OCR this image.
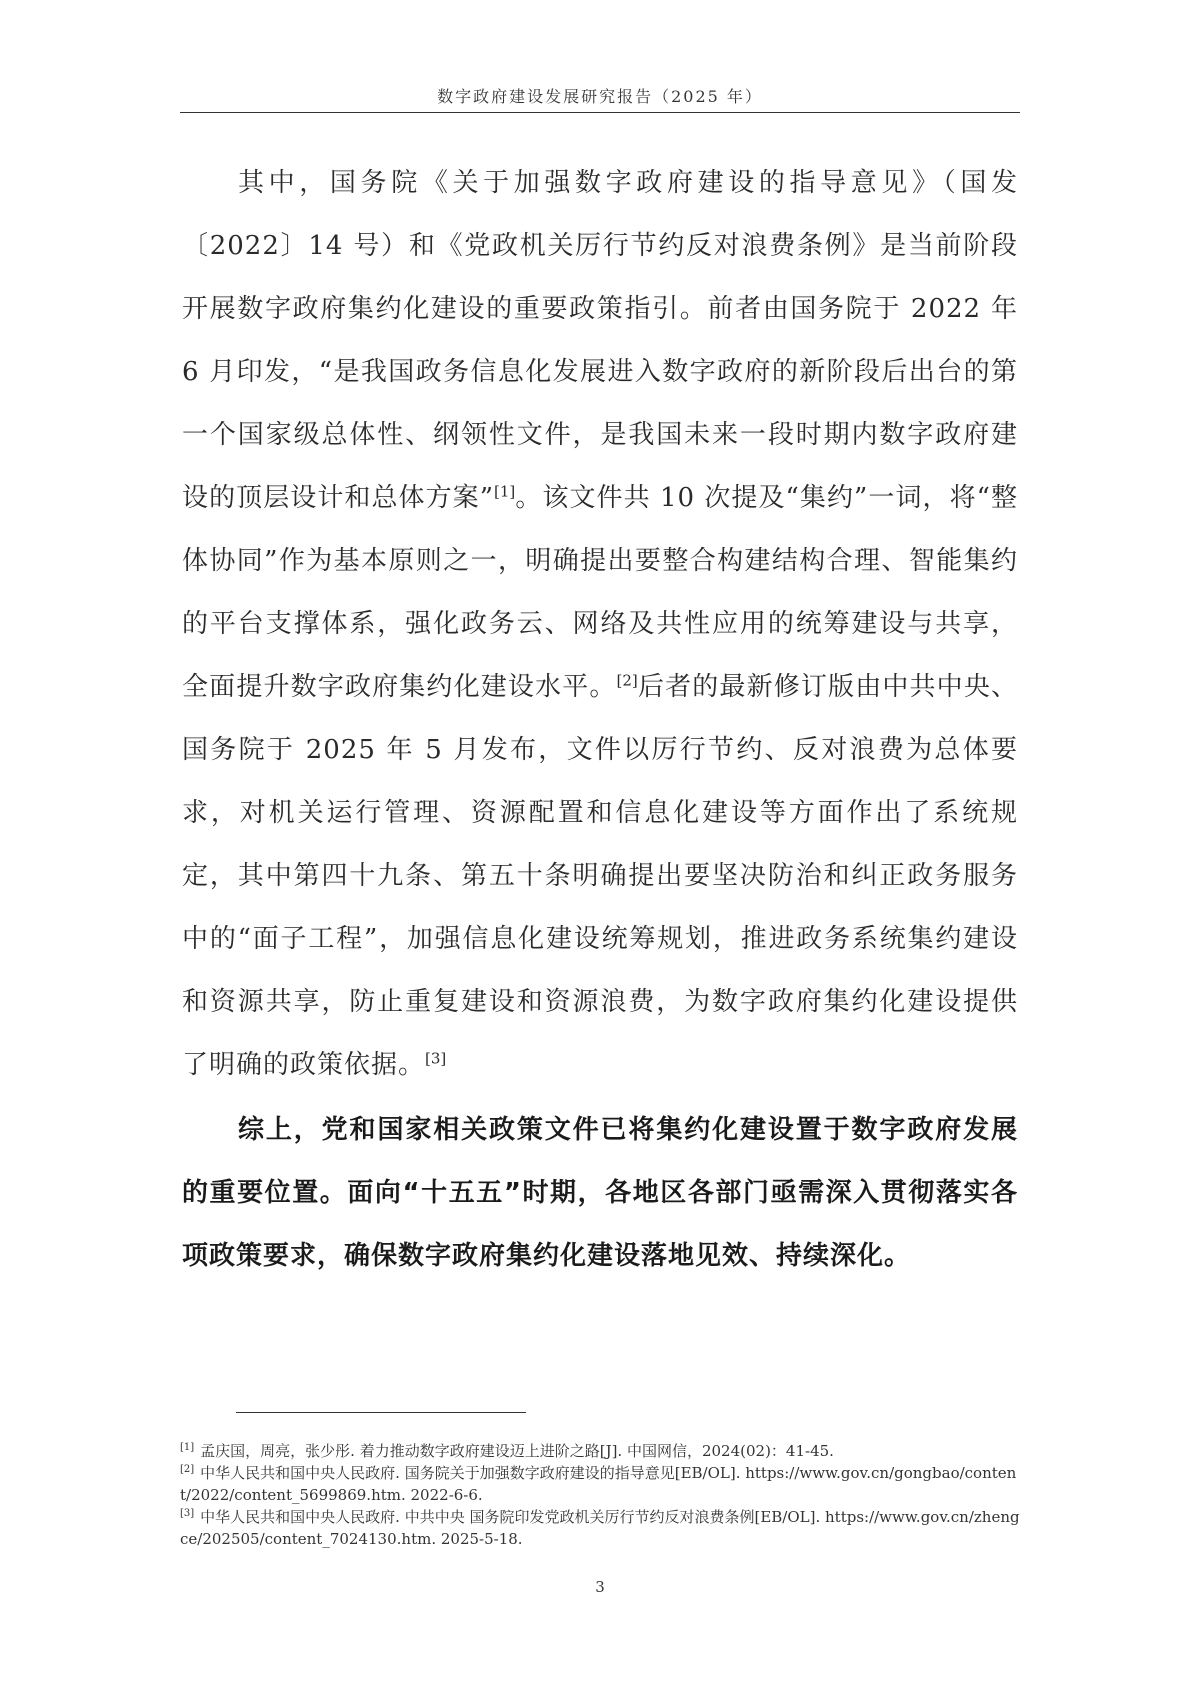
数字政府建设发展研究报告（2025 年）

其中，国务院《关于加强数字政府建设的指导意见》（国发〔2022〕14 号）和《党政机关厉行节约反对浪费条例》是当前阶段开展数字政府集约化建设的重要政策指引。前者由国务院于 2022 年 6 月印发，“是我国政务信息化发展进入数字政府的新阶段后出台的第一个国家级总体性、纲领性文件，是我国未来一段时期内数字政府建设的顶层设计和总体方案”[1]。该文件共 10 次提及“集约”一词，将“整体协同”作为基本原则之一，明确提出要整合构建结构合理、智能集约的平台支撑体系，强化政务云、网络及共性应用的统筹建设与共享，全面提升数字政府集约化建设水平。[2]后者的最新修订版由中共中央、国务院于 2025 年 5 月发布，文件以厉行节约、反对浪费为总体要求，对机关运行管理、资源配置和信息化建设等方面作出了系统规定，其中第四十九条、第五十条明确提出要坚决防治和纠正政务服务中的“面子工程”，加强信息化建设统筹规划，推进政务系统集约建设和资源共享，防止重复建设和资源浪费，为数字政府集约化建设提供了明确的政策依据。[3]

综上，党和国家相关政策文件已将集约化建设置于数字政府发展的重要位置。面向“十五五”时期，各地区各部门亟需深入贯彻落实各项政策要求，确保数字政府集约化建设落地见效、持续深化。

[1] 孟庆国，周亮，张少彤. 着力推动数字政府建设迈上进阶之路[J]. 中国网信，2024(02)：41-45.

[2] 中华人民共和国中央人民政府. 国务院关于加强数字政府建设的指导意见[EB/OL]. https://www.gov.cn/gongbao/content/2022/content_5699869.htm. 2022-6-6.

[3] 中华人民共和国中央人民政府. 中共中央 国务院印发党政机关厉行节约反对浪费条例[EB/OL]. https://www.gov.cn/zhengce/202505/content_7024130.htm. 2025-5-18.

3
